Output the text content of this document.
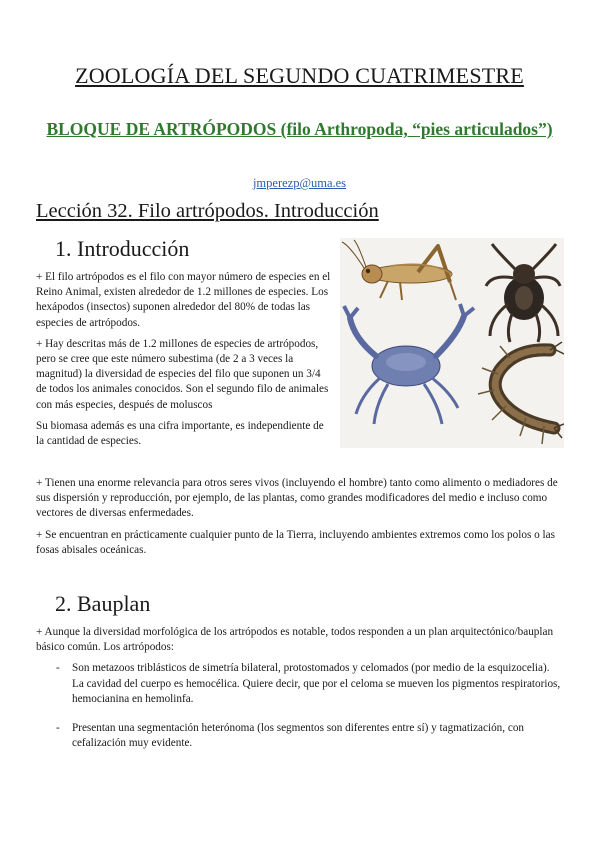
ZOOLOGÍA DEL SEGUNDO CUATRIMESTRE
BLOQUE DE ARTRÓPODOS (filo Arthropoda, “pies articulados”)
jmperezp@uma.es
Lección 32. Filo artrópodos. Introducción
1. Introducción

+ El filo artrópodos es el filo con mayor número de especies en el Reino Animal, existen alrededor de 1.2 millones de especies. Los hexápodos (insectos) suponen alrededor del 80% de todas las especies de artrópodos.

+ Hay descritas más de 1.2 millones de especies de artrópodos, pero se cree que este número subestima (de 2 a 3 veces la magnitud) la diversidad de especies del filo que suponen un 3/4 de todos los animales conocidos. Son el segundo filo de animales con más especies, después de moluscos

Su biomasa además es una cifra importante, es independiente de la cantidad de especies.

+ Tienen una enorme relevancia para otros seres vivos (incluyendo el hombre) tanto como alimento o mediadores de sus dispersión y reproducción, por ejemplo, de las plantas, como grandes modificadores del medio e incluso como vectores de diversas enfermedades.

+ Se encuentran en prácticamente cualquier punto de la Tierra, incluyendo ambientes extremos como los polos o las fosas abisales oceánicas.

2. Bauplan

+ Aunque la diversidad morfológica de los artrópodos es notable, todos responden a un plan arquitectónico/bauplan básico común. Los artrópodos:

- Son metazoos triblásticos de simetría bilateral, protostomados y celomados (por medio de la esquizocelia). La cavidad del cuerpo es hemocélica. Quiere decir, que por el celoma se mueven los pigmentos respiratorios, hemocianina en hemolinfa.
- Presentan una segmentación heterónoma (los segmentos son diferentes entre sí) y tagmatización, con cefalización muy evidente.
